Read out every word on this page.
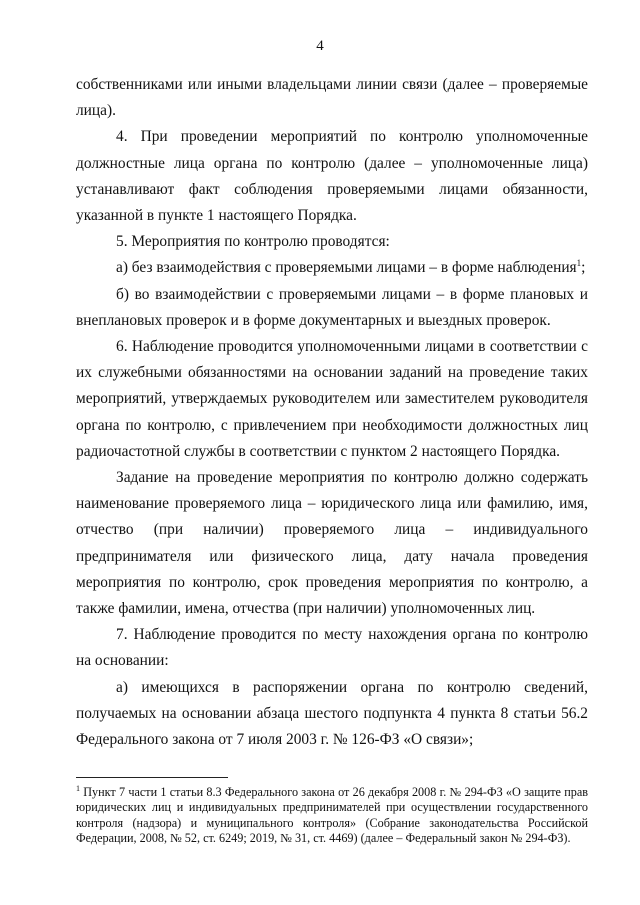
4

собственниками или иными владельцами линии связи (далее – проверяемые лица).

4. При проведении мероприятий по контролю уполномоченные должностные лица органа по контролю (далее – уполномоченные лица) устанавливают факт соблюдения проверяемыми лицами обязанности, указанной в пункте 1 настоящего Порядка.

5. Мероприятия по контролю проводятся:

а) без взаимодействия с проверяемыми лицами – в форме наблюдения$^1$;

б) во взаимодействии с проверяемыми лицами – в форме плановых и внеплановых проверок и в форме документарных и выездных проверок.

6. Наблюдение проводится уполномоченными лицами в соответствии с их служебными обязанностями на основании заданий на проведение таких мероприятий, утверждаемых руководителем или заместителем руководителя органа по контролю, с привлечением при необходимости должностных лиц радиочастотной службы в соответствии с пунктом 2 настоящего Порядка.

Задание на проведение мероприятия по контролю должно содержать наименование проверяемого лица – юридического лица или фамилию, имя, отчество (при наличии) проверяемого лица – индивидуального предпринимателя или физического лица, дату начала проведения мероприятия по контролю, срок проведения мероприятия по контролю, а также фамилии, имена, отчества (при наличии) уполномоченных лиц.

7. Наблюдение проводится по месту нахождения органа по контролю на основании:

а) имеющихся в распоряжении органа по контролю сведений, получаемых на основании абзаца шестого подпункта 4 пункта 8 статьи 56.2 Федерального закона от 7 июля 2003 г. № 126-ФЗ «О связи»;

$^1$ Пункт 7 части 1 статьи 8.3 Федерального закона от 26 декабря 2008 г. № 294-ФЗ «О защите прав юридических лиц и индивидуальных предпринимателей при осуществлении государственного контроля (надзора) и муниципального контроля» (Собрание законодательства Российской Федерации, 2008, № 52, ст. 6249; 2019, № 31, ст. 4469) (далее – Федеральный закон № 294-ФЗ).
